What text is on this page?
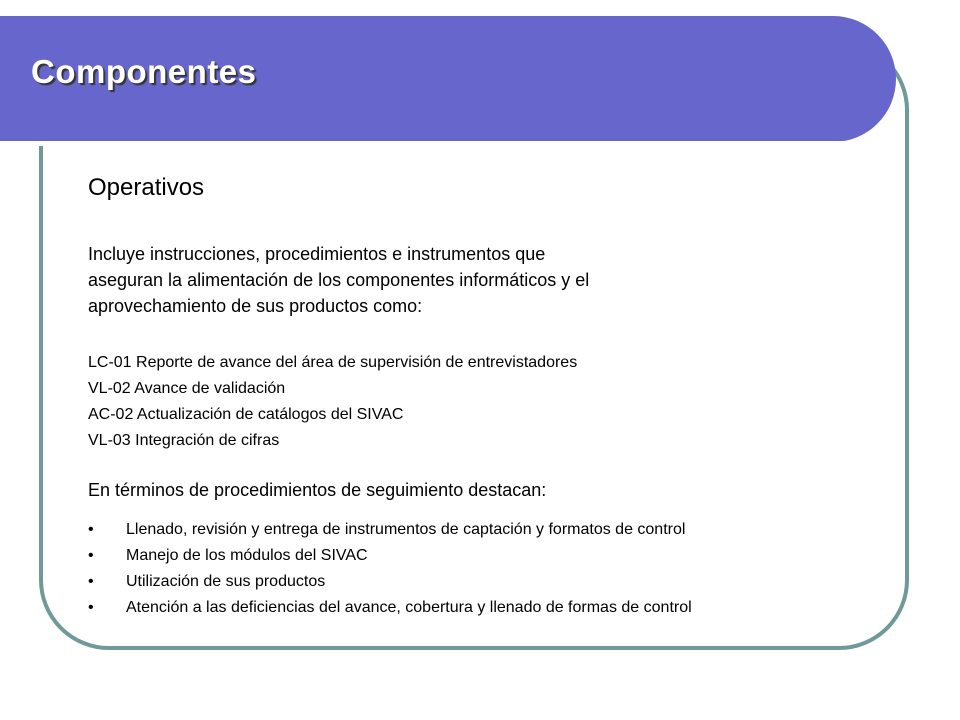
Componentes
Operativos

Incluye instrucciones, procedimientos e instrumentos que
aseguran la alimentación de los componentes informáticos y el
aprovechamiento de sus productos como:

LC-01 Reporte de avance del área de supervisión de entrevistadores
VL-02 Avance de validación
AC-02 Actualización de catálogos del SIVAC
VL-03 Integración de cifras

En términos de procedimientos de seguimiento destacan:

• Llenado, revisión y entrega de instrumentos de captación y formatos de control
• Manejo de los módulos del SIVAC
• Utilización de sus productos
• Atención a las deficiencias del avance, cobertura y llenado de formas de control
